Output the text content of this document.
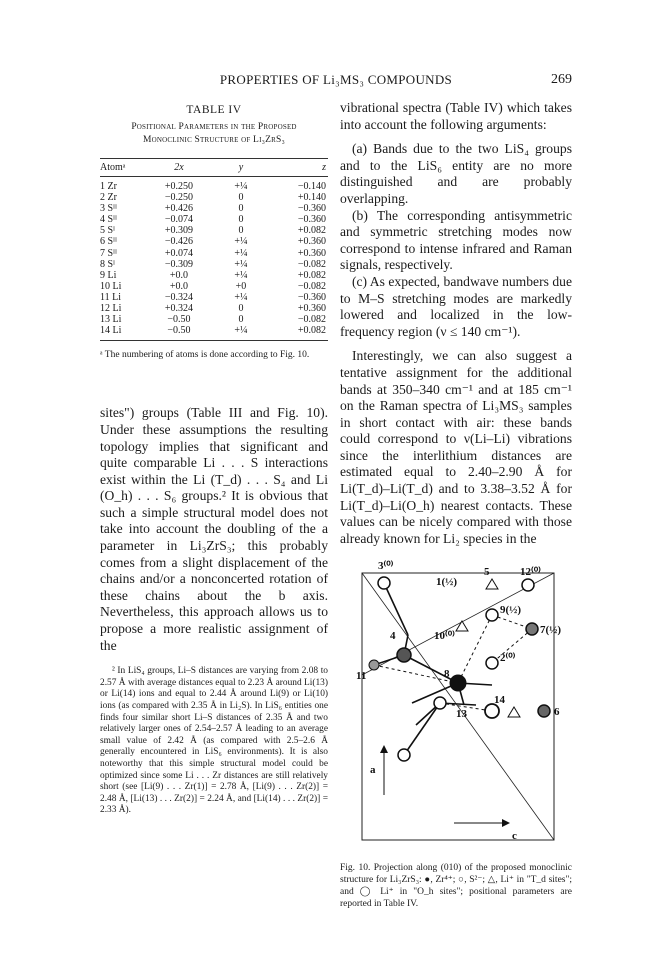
PROPERTIES OF Li₃MS₃ COMPOUNDS	269
TABLE IV
Positional Parameters in the Proposed
Monoclinic Structure of Li₃ZrS₃
Atomᵃ	2x	y	z
1 Zr	+0.250	+¼	−0.140
2 Zr	−0.250	0	+0.140
3 Sᴵᴵ	+0.426	0	−0.360
4 Sᴵᴵ	−0.074	0	−0.360
5 Sᴵ	+0.309	0	+0.082
6 Sᴵᴵ	−0.426	+¼	+0.360
7 Sᴵᴵ	+0.074	+¼	+0.360
8 Sᴵ	−0.309	+¼	−0.082
9 Li	+0.0	+¼	+0.082
10 Li	+0.0	+0	−0.082
11 Li	−0.324	+¼	−0.360
12 Li	+0.324	0	+0.360
13 Li	−0.50	0	−0.082
14 Li	−0.50	+¼	+0.082
ᵃ The numbering of atoms is done according to Fig. 10.

sites") groups (Table III and Fig. 10). Under these assumptions the resulting topology implies that significant and quite comparable Li . . . S interactions exist within the Li (T_d) . . . S₄ and Li (O_h) . . . S₆ groups.² It is obvious that such a simple structural model does not take into account the doubling of the a parameter in Li₃ZrS₃; this probably comes from a slight displacement of the chains and/or a nonconcerted rotation of these chains about the b axis. Nevertheless, this approach allows us to propose a more realistic assignment of the

² In LiS₄ groups, Li–S distances are varying from 2.08 to 2.57 Å with average distances equal to 2.23 Å around Li(13) or Li(14) ions and equal to 2.44 Å around Li(9) or Li(10) ions (as compared with 2.35 Å in Li₂S). In LiS₆ entities one finds four similar short Li–S distances of 2.35 Å and two relatively larger ones of 2.54–2.57 Å leading to an average small value of 2.42 Å (as compared with 2.5–2.6 Å generally encountered in LiS₆ environments). It is also noteworthy that this simple structural model could be optimized since some Li . . . Zr distances are still relatively short (see [Li(9) . . . Zr(1)] = 2.78 Å, [Li(9) . . . Zr(2)] = 2.48 Å, [Li(13) . . . Zr(2)] = 2.24 Å, and [Li(14) . . . Zr(2)] = 2.33 Å).

vibrational spectra (Table IV) which takes into account the following arguments:

(a) Bands due to the two LiS₄ groups and to the LiS₆ entity are no more distinguished and are probably overlapping.

(b) The corresponding antisymmetric and symmetric stretching modes now correspond to intense infrared and Raman signals, respectively.

(c) As expected, bandwave numbers due to M–S stretching modes are markedly lowered and localized in the low-frequency region (ν ≤ 140 cm⁻¹).

Interestingly, we can also suggest a tentative assignment for the additional bands at 350–340 cm⁻¹ and at 185 cm⁻¹ on the Raman spectra of Li₃MS₃ samples in short contact with air: these bands could correspond to ν(Li–Li) vibrations since the interlithium distances are estimated equal to 2.40–2.90 Å for Li(T_d)–Li(T_d) and to 3.38–3.52 Å for Li(T_d)–Li(O_h) nearest contacts. These values can be nicely compared with those already known for Li₂ species in the

3⁽⁰⁾
1(½)
5	12⁽⁰⁾
4	10⁽⁰⁾
9(½)
7(½)
2⁽⁰⁾
11	8
14
6
13
a
c
Fig. 10. Projection along (010) of the proposed monoclinic structure for Li₃ZrS₃: ●, Zr⁴⁺; ○, S²⁻; △, Li⁺ in "T_d sites"; and ◯ Li⁺ in "O_h sites"; positional parameters are reported in Table IV.
